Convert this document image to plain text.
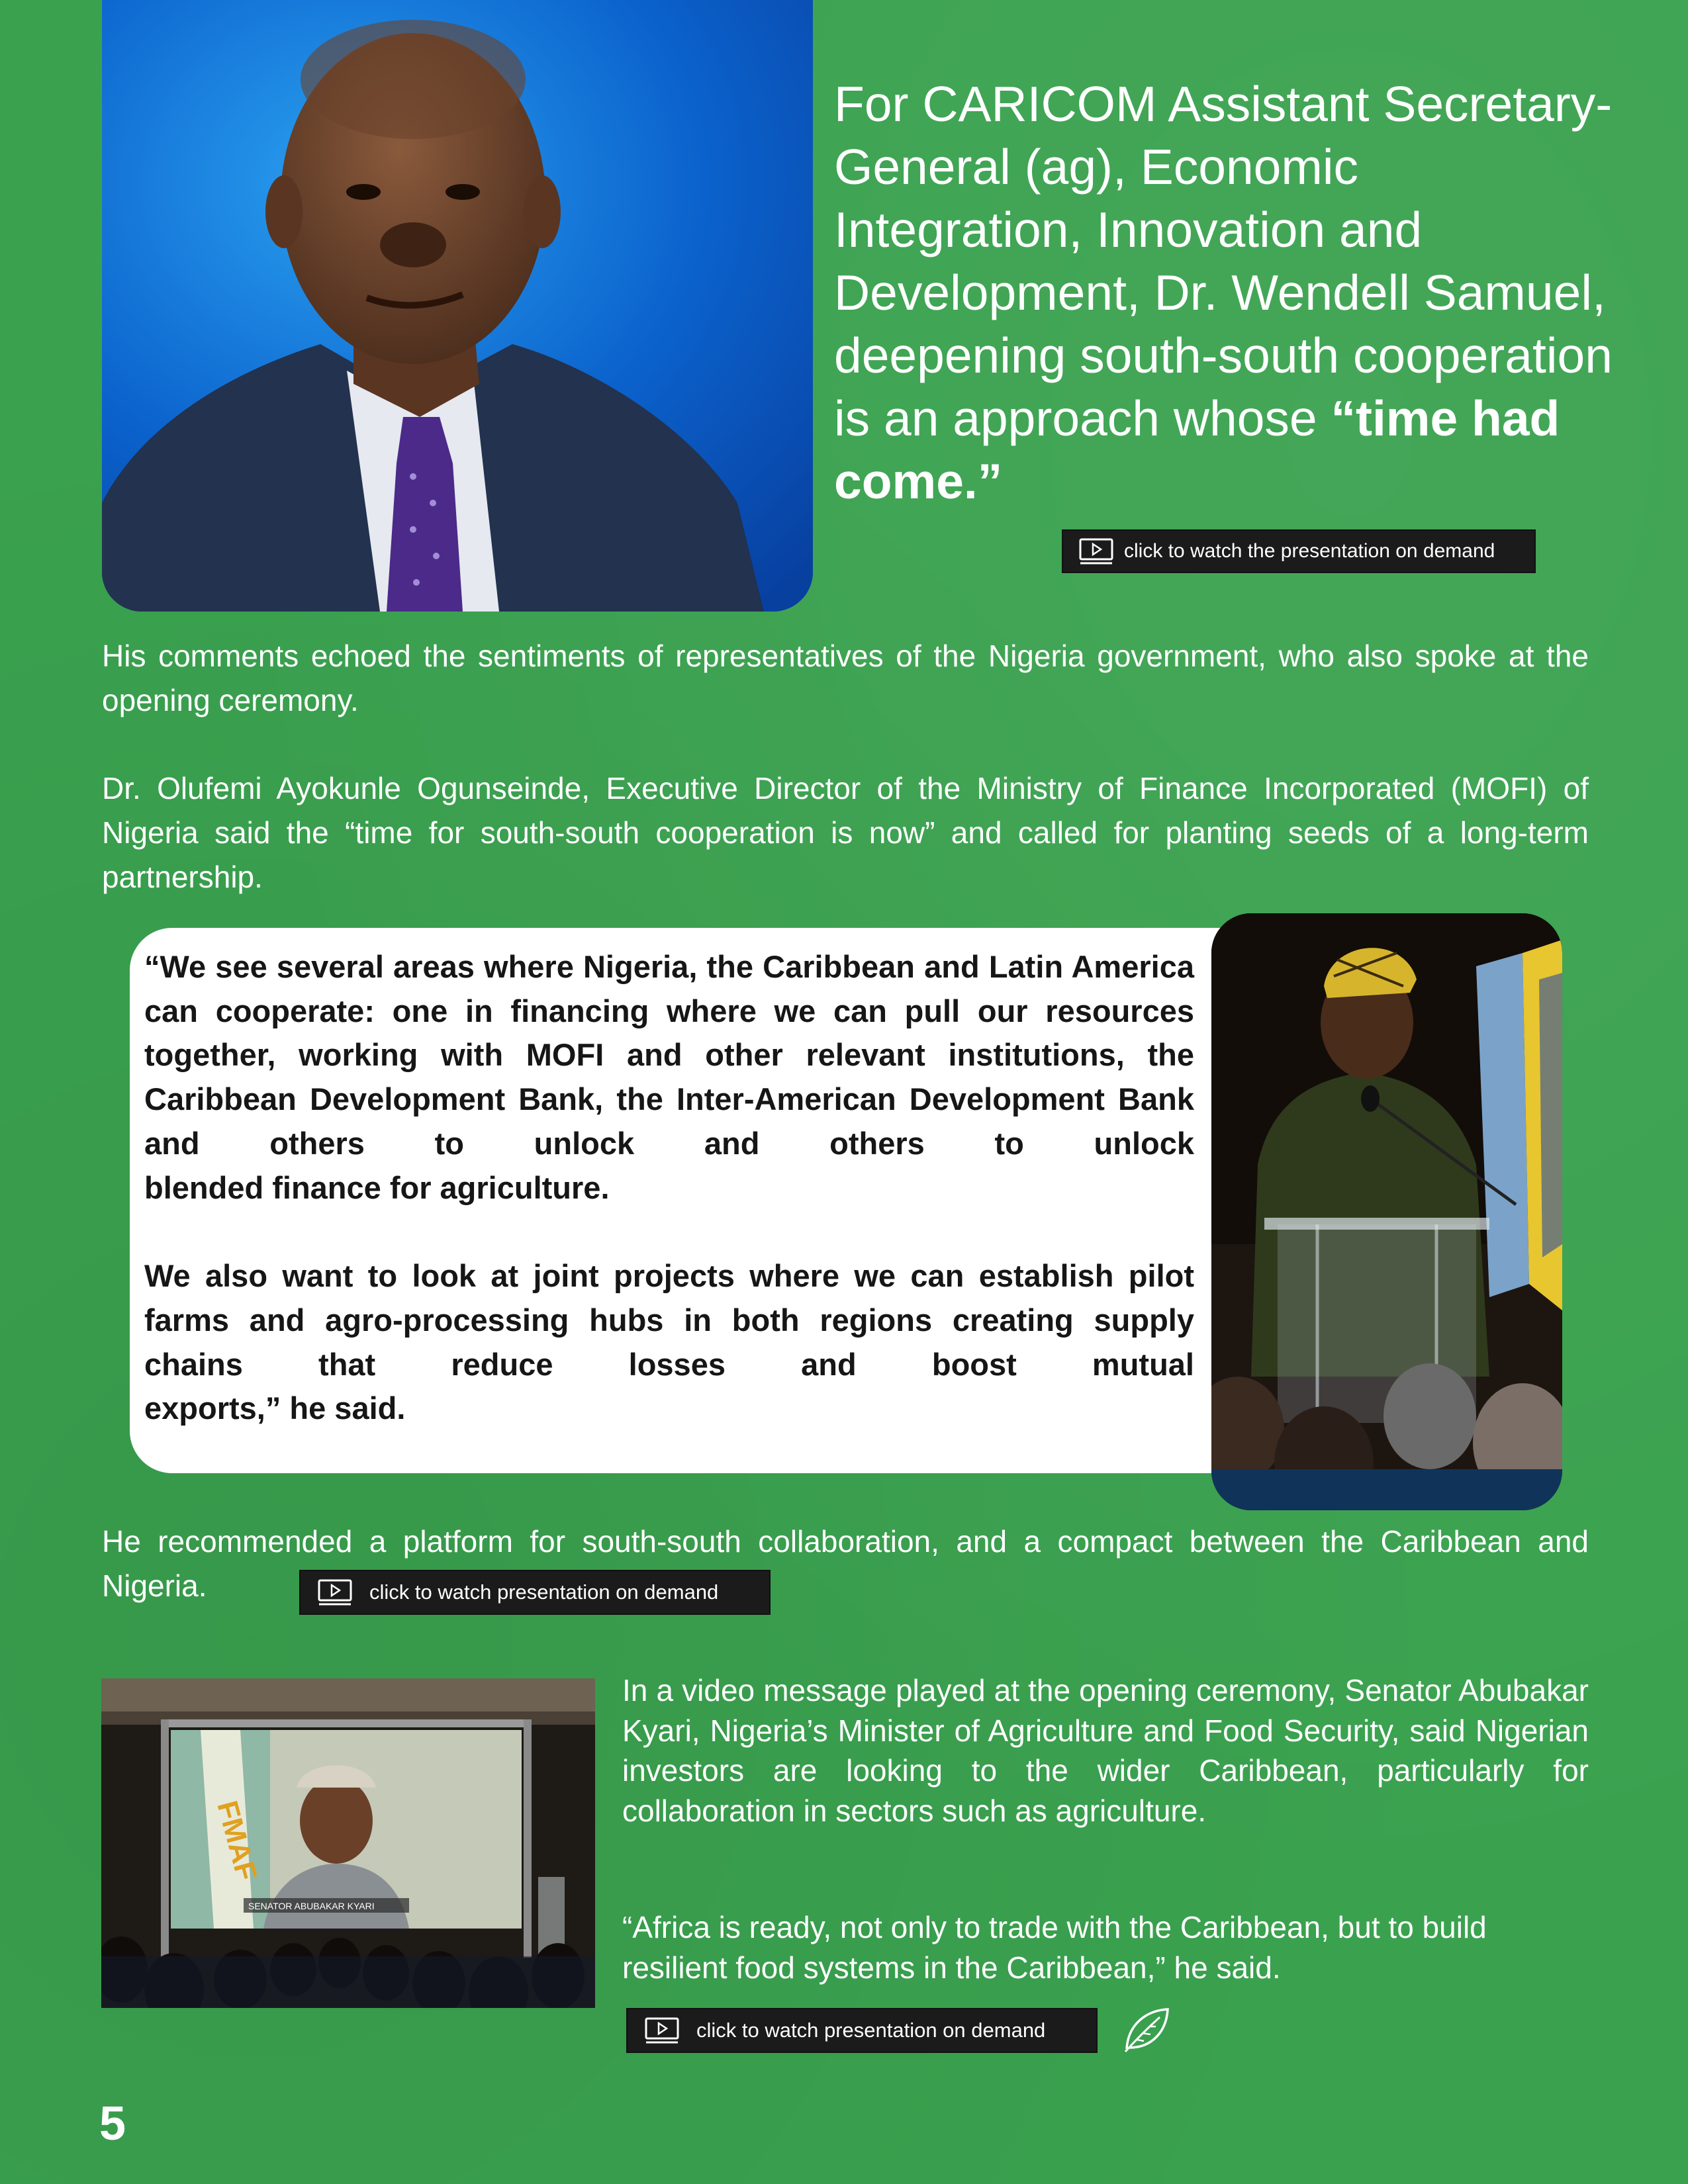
For CARICOM Assistant Secretary-General (ag), Economic Integration, Innovation and Development, Dr. Wendell Samuel, deepening south-south cooperation is an approach whose “time had come.”
click to watch the presentation on demand
His comments echoed the sentiments of representatives of the Nigeria government, who also spoke at the opening ceremony.
Dr. Olufemi Ayokunle Ogunseinde, Executive Director of the Ministry of Finance Incorporated (MOFI) of Nigeria said the “time for south-south cooperation is now” and called for planting seeds of a long-term partnership.
“We see several areas where Nigeria, the Caribbean and Latin America can cooperate: one in financing where we can pull our resources together, working with MOFI and other relevant institutions, the Caribbean Development Bank, the Inter-American Development Bank and others to unlock and others to unlock
blended finance for agriculture.
We also want to look at joint projects where we can establish pilot farms and agro-processing hubs in both regions creating supply chains that reduce losses and boost mutual
exports,” he said.
He recommended a platform for south-south collaboration, and a compact between the Caribbean and Nigeria.	click to watch presentation on demand
FMAF
SENATOR ABUBAKAR KYARI
In a video message played at the opening ceremony, Senator Abubakar Kyari, Nigeria’s Minister of Agriculture and Food Security, said Nigerian investors are looking to the wider Caribbean, particularly for collaboration in sectors such as agriculture.
“Africa is ready, not only to trade with the Caribbean, but to build resilient food systems in the Caribbean,” he said.
click to watch presentation on demand
5
